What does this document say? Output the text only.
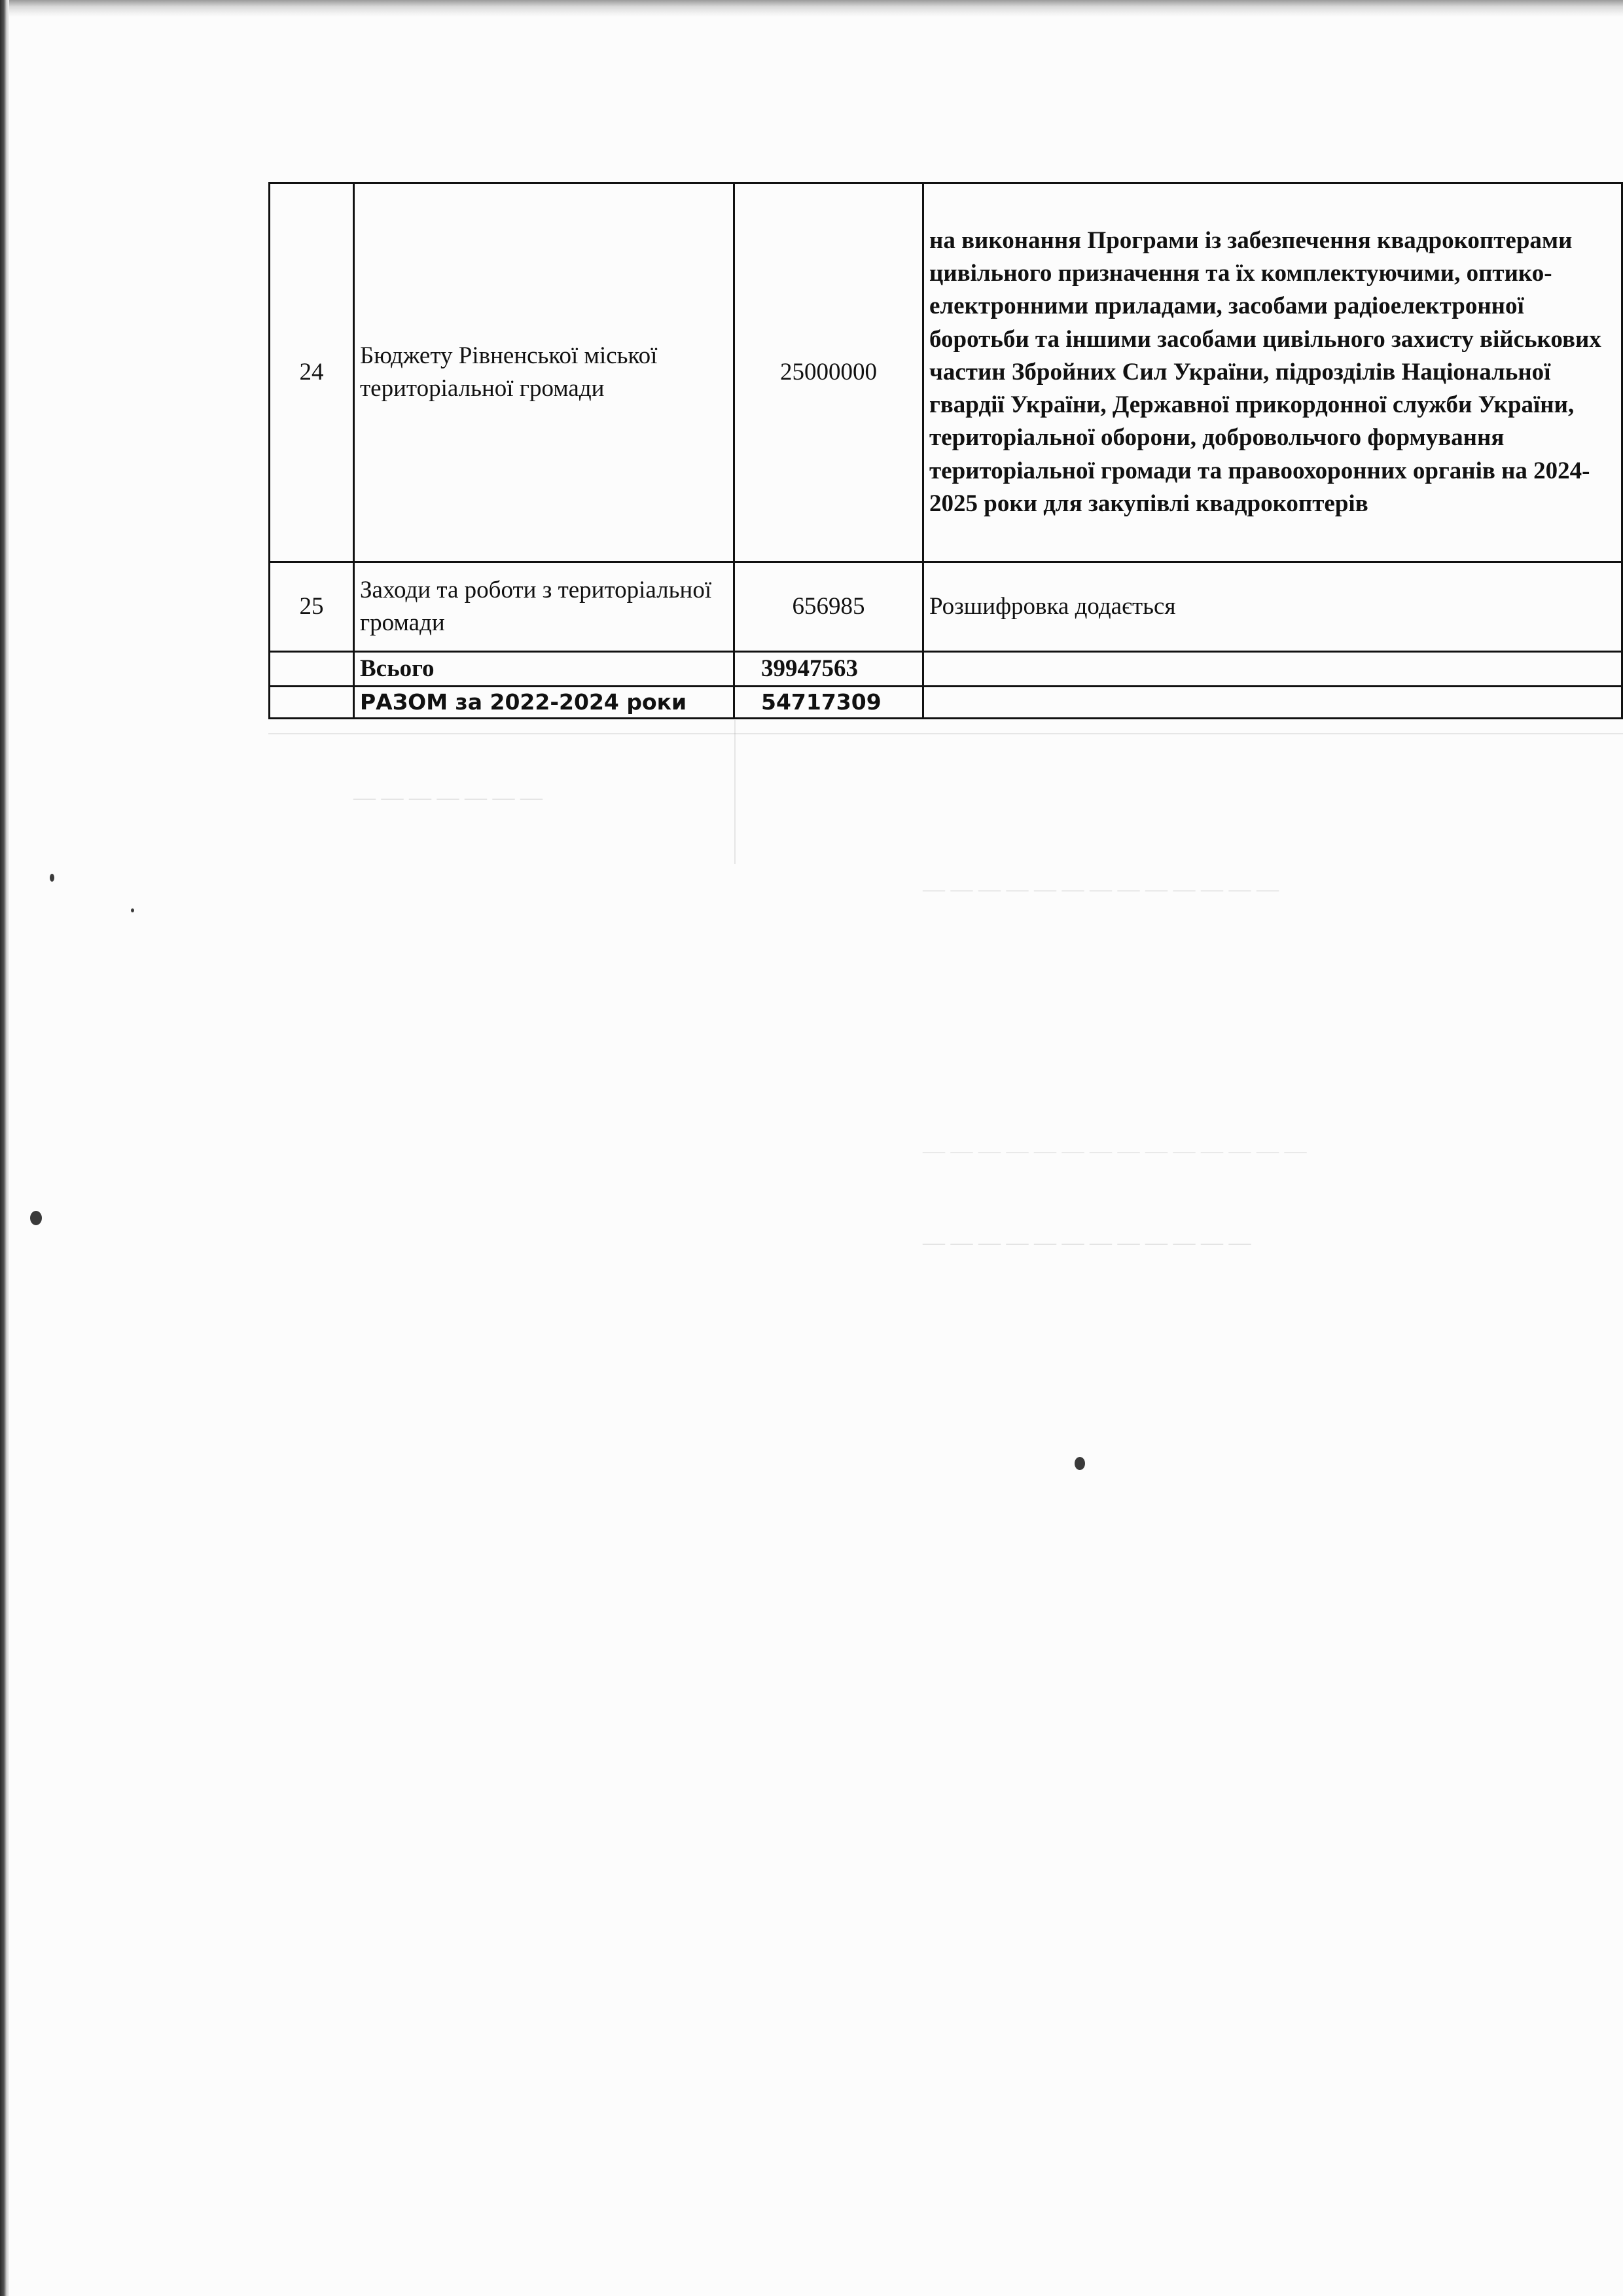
— — — — — — —
— — — — — — — — — — — — —
— — — — — — — — — — — — — —
— — — — — — — — — — — —
24	Бюджету Рівненської міської територіальної громади	25000000	на виконання Програми із забезпечення квадрокоптерами цивільного призначення та їх комплектуючими, оптико-електронними приладами, засобами радіоелектронної боротьби та іншими засобами цивільного захисту військових частин Збройних Сил України, підрозділів Національної гвардії України, Державної прикордонної служби України, територіальної оборони, добровольчого формування територіальної громади та правоохоронних органів на 2024-2025 роки для закупівлі квадрокоптерів
25	Заходи та роботи з територіальної громади	656985	Розшифровка додається
	Всього	39947563	
	РАЗОМ за 2022-2024 роки	54717309	
